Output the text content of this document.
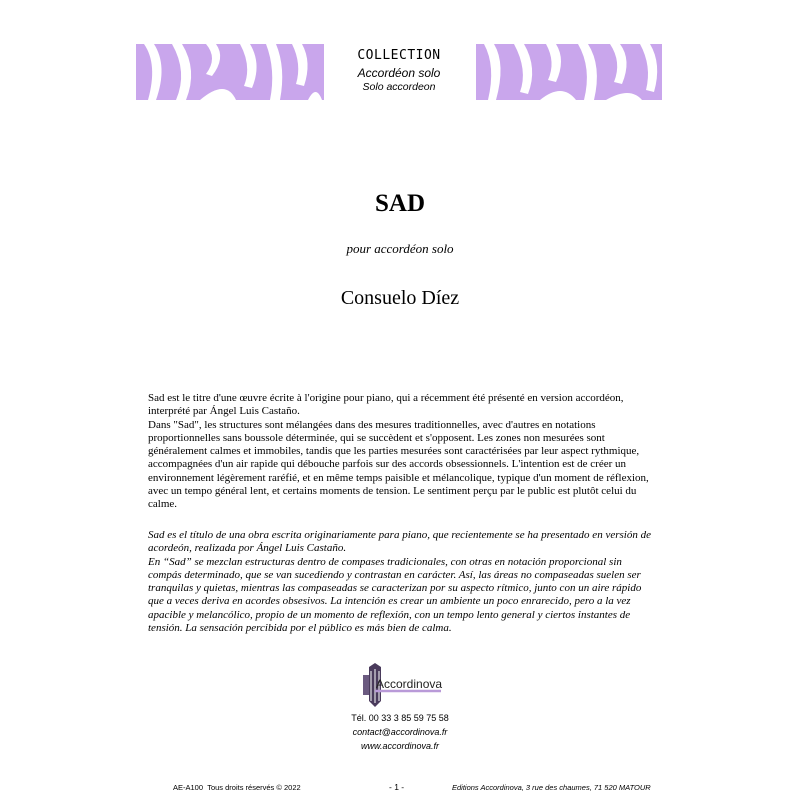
COLLECTION
Accordéon solo
Solo accordeon
SAD
pour accordéon solo
Consuelo Díez

Sad est le titre d'une œuvre écrite à l'origine pour piano, qui a récemment été présenté en version accordéon, interprété par Ángel Luis Castaño.

Dans "Sad", les structures sont mélangées dans des mesures traditionnelles, avec d'autres en notations proportionnelles sans boussole déterminée, qui se succèdent et s'opposent. Les zones non mesurées sont généralement calmes et immobiles, tandis que les parties mesurées sont caractérisées par leur aspect rythmique, accompagnées d'un air rapide qui débouche parfois sur des accords obsessionnels. L'intention est de créer un environnement légèrement raréfié, et en même temps paisible et mélancolique, typique d'un moment de réflexion, avec un tempo général lent, et certains moments de tension. Le sentiment perçu par le public est plutôt celui du calme.

Sad es el título de una obra escrita originariamente para piano, que recientemente se ha presentado en versión de acordeón, realizada por Ángel Luis Castaño.

En “Sad” se mezclan estructuras dentro de compases tradicionales, con otras en notación proporcional sin compás determinado, que se van sucediendo y contrastan en carácter. Así, las áreas no compaseadas suelen ser tranquilas y quietas, mientras las compaseadas se caracterizan por su aspecto rítmico, junto con un aire rápido que a veces deriva en acordes obsesivos. La intención es crear un ambiente un poco enrarecido, pero a la vez apacible y melancólico, propio de un momento de reflexión, con un tempo lento general y ciertos instantes de tensión. La sensación percibida por el público es más bien de calma.

Accordinova
Tél. 00 33 3 85 59 75 58
contact@accordinova.fr
www.accordinova.fr
AE-A100 Tous droits réservés © 2022	- 1 -	Editions Accordinova, 3 rue des chaumes, 71 520 MATOUR
